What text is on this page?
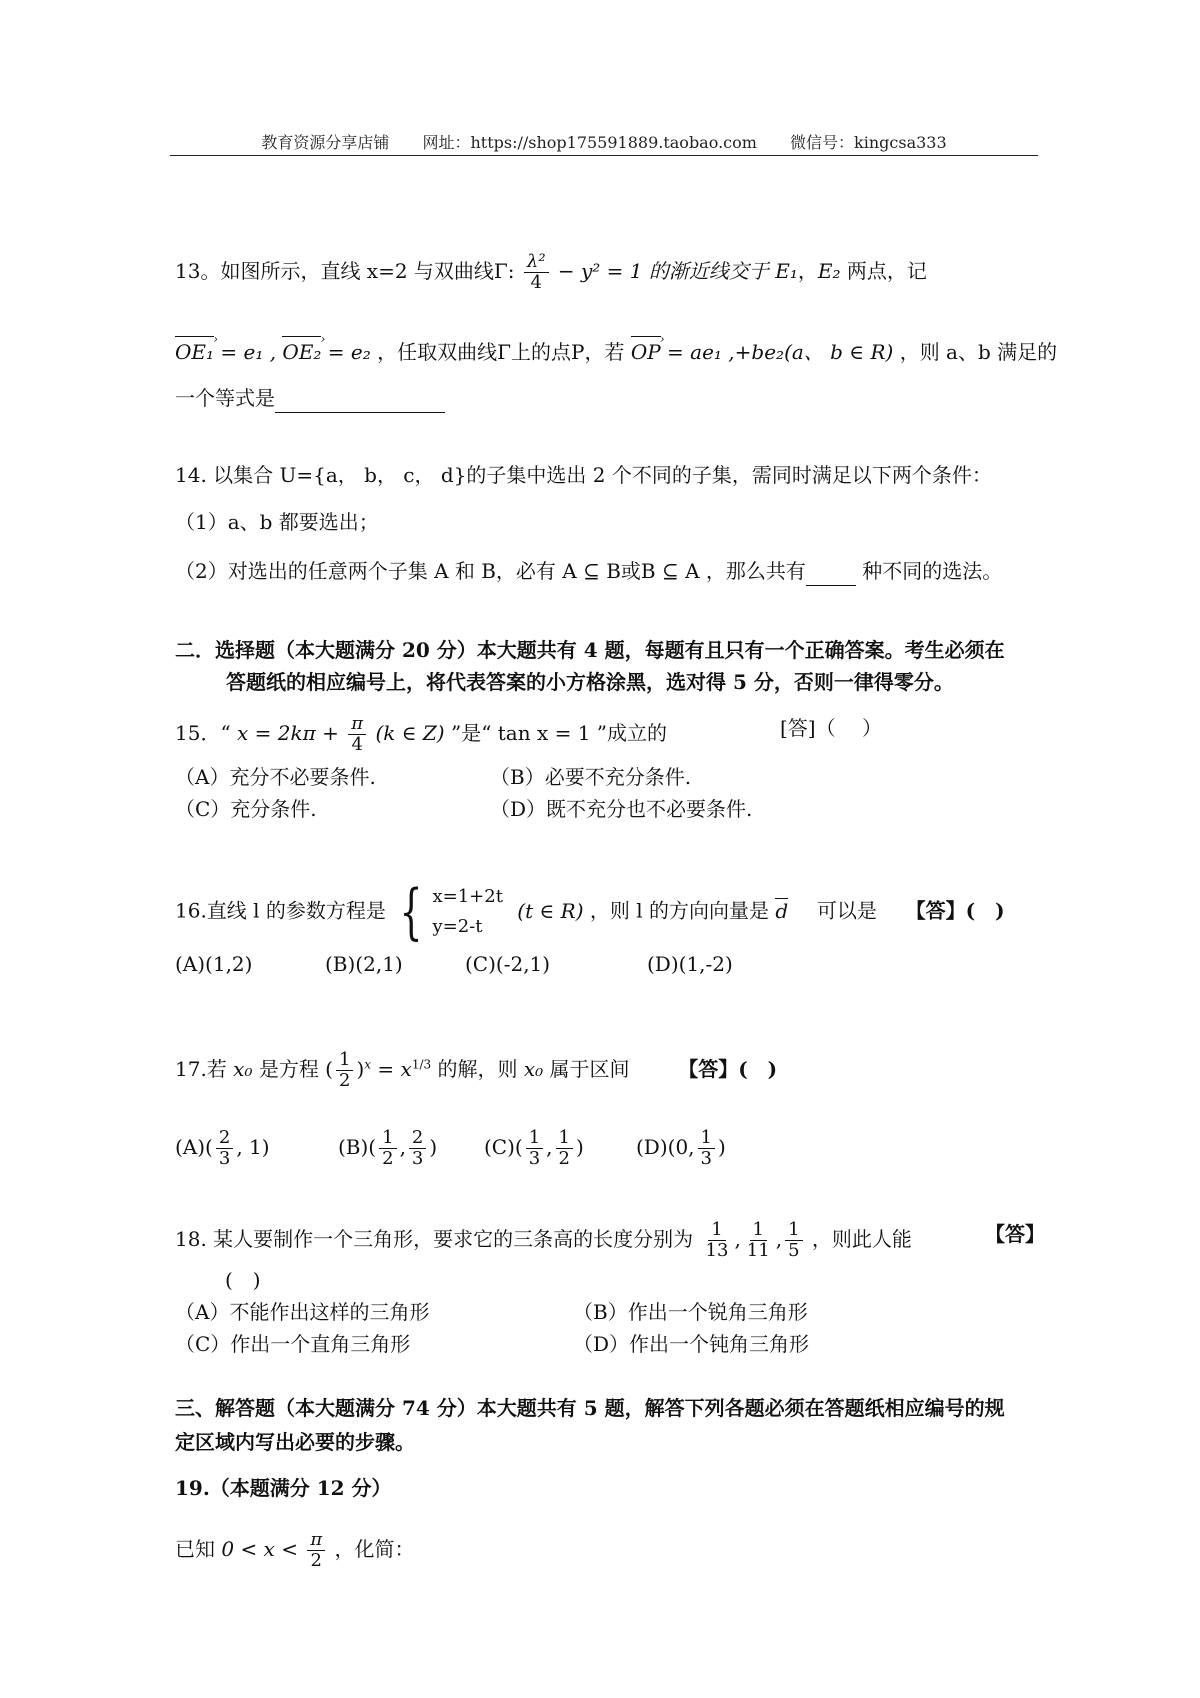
教育资源分享店铺 网址：https://shop175591889.taobao.com 微信号：kingcsa333
13。如图所示，直线 x=2 与双曲线Γ: $\frac{\text{λ²}}{4} - y^2 = 1$ 的渐近线交于 E₁，E₂ 两点，记
OE₁ › = e₁ , OE₂ › = e₂ ，任取双曲线Γ上的点P，若 OP › = ae₁ ,+be₂(a、 b ∈ R) ，则 a、b 满足的
一个等式是
14. 以集合 U={a， b， c， d}的子集中选出 2 个不同的子集，需同时满足以下两个条件：
（1）a、b 都要选出；
（2）对选出的任意两个子集 A 和 B，必有 A ⊆ B或B ⊆ A ，那么共有	种不同的选法。
二．选择题（本大题满分 20 分）本大题共有 4 题，每题有且只有一个正确答案。考生必须在
答题纸的相应编号上，将代表答案的小方格涂黑，选对得 5 分，否则一律得零分。
15．“ $x = 2k\pi + \frac{\pi}{4} (k$ ∈ Z) ”是“ tan x = 1 ”成立的	[答]（　 ）
（A）充分不必要条件.	（B）必要不充分条件.
（C）充分条件.	（D）既不充分也不必要条件.
16.直线 l 的参数方程是 { x=1+2t
y=2-t
(t ∈ R) ，则 l 的方向向量是 d 可以是 【答】(　)
(A)(1,2)	(B)(2,1)	(C)(-2,1)	(D)(1,-2)
17.若 x₀ 是方程 ( $\frac{1}{2} )^x = x^{1/3}$ 的解，则 x₀ 属于区间 【答】(　)
$(A)( \frac{2}{3}$ , 1)	$(B)( \frac{1}{2}$ , $\frac{2}{3}$ ) $(C)( \frac{1}{3}$ , $\frac{1}{2}$ )	(D)(0, $\frac{1}{3}$ )
18. 某人要制作一个三角形，要求它的三条高的长度分别为 $\frac{1}{13}$ , $\frac{1}{11}$ , $\frac{1}{5}$ ，则此人能	【答】
(　)
（A）不能作出这样的三角形	（B）作出一个锐角三角形
（C）作出一个直角三角形	（D）作出一个钝角三角形
三、解答题（本大题满分 74 分）本大题共有 5 题，解答下列各题必须在答题纸相应编号的规
定区域内写出必要的步骤。
19.（本题满分 12 分）
已知 $0 < x < \frac{\pi}{2}$ ，化简：
